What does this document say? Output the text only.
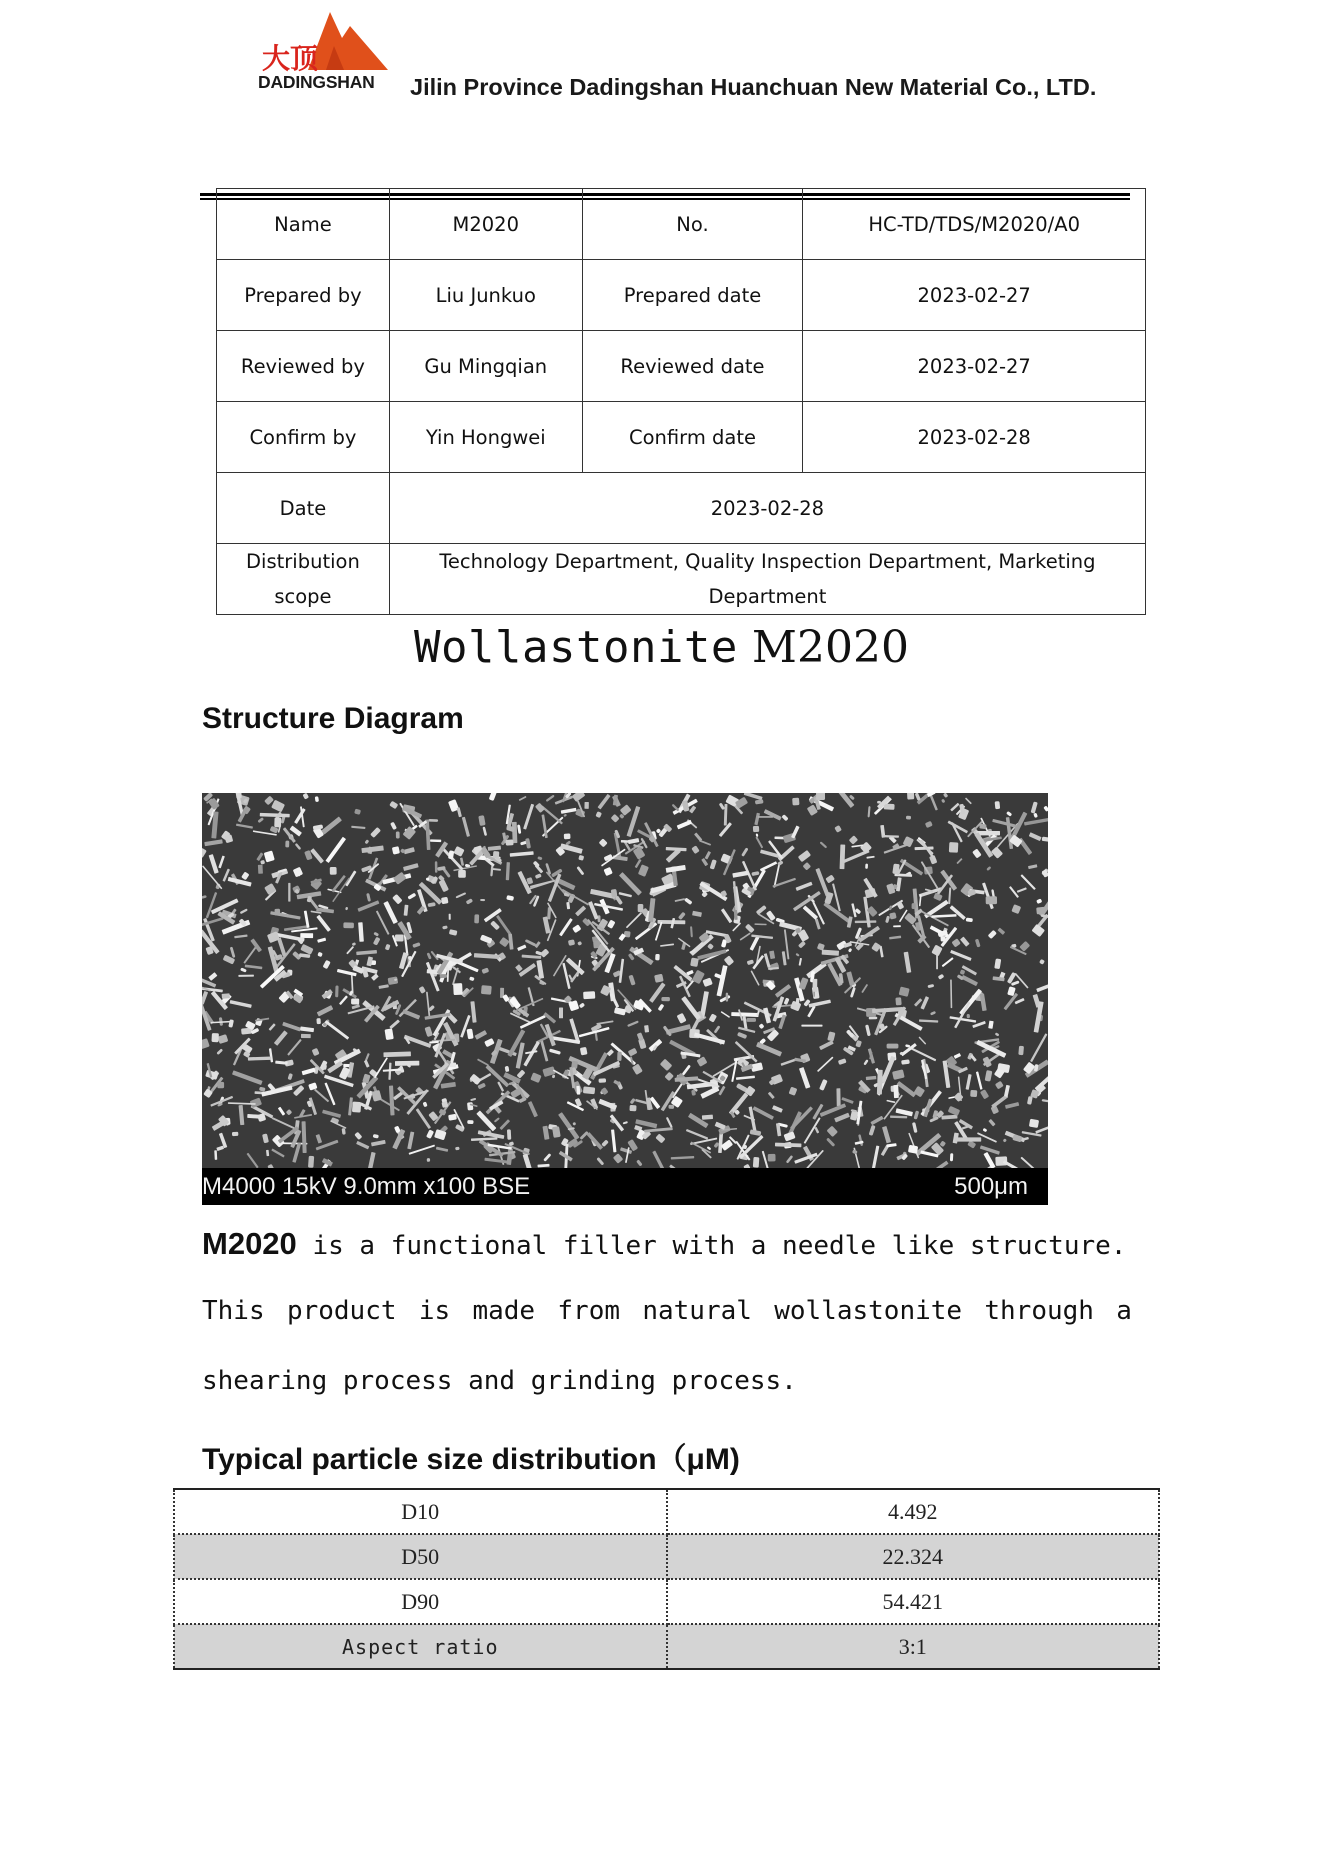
大顶
DADINGSHAN	Jilin Province Dadingshan Huanchuan New Material Co., LTD.
Name	M2020	No.	HC-TD/TDS/M2020/A0
Prepared by	Liu Junkuo	Prepared date	2023-02-27
Reviewed by	Gu Mingqian	Reviewed date	2023-02-27
Confirm by	Yin Hongwei	Confirm date	2023-02-28
Date	2023-02-28		
Distribution scope	Technology Department, Quality Inspection Department, Marketing Department		
Wollastonite M2020
Structure Diagram
M4000 15kV 9.0mm x100 BSE	500μm
M2020 is a functional filler with a needle like structure.
This product is made from natural wollastonite through a
shearing process and grinding process.
Typical particle size distribution（μM)
D10	4.492
D50	22.324
D90	54.421
Aspect ratio	3:1
